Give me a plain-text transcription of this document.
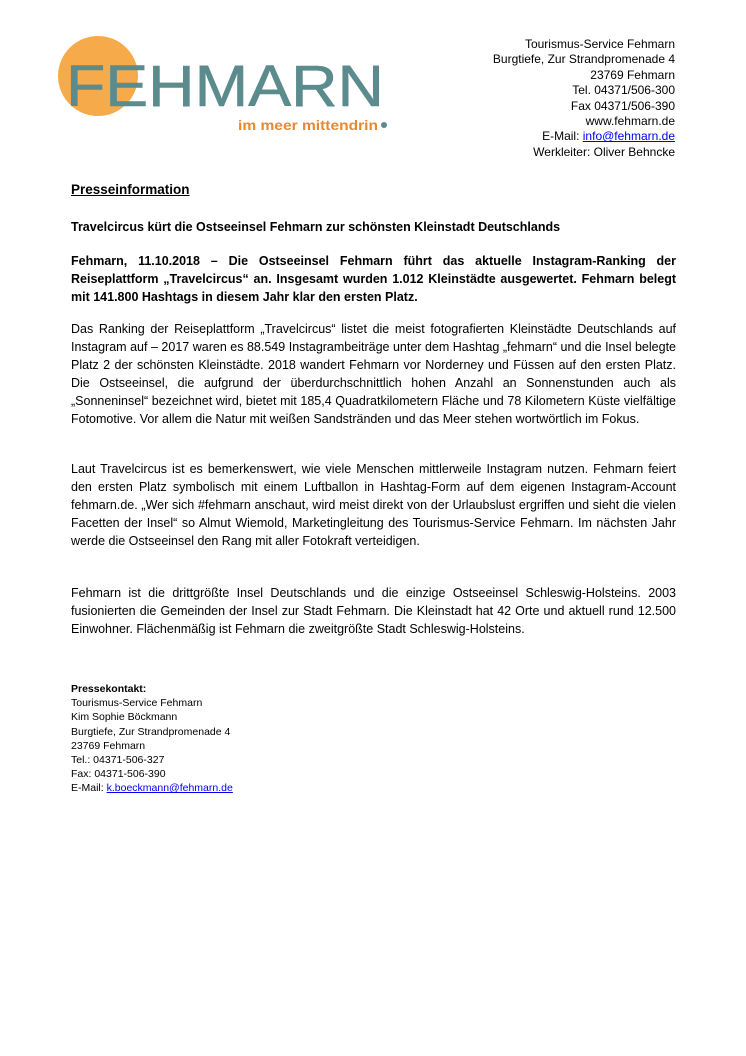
FEHMARN
im meer mittendrin
Tourismus-Service Fehmarn
Burgtiefe, Zur Strandpromenade 4
23769 Fehmarn
Tel. 04371/506-300
Fax 04371/506-390
www.fehmarn.de
E-Mail: info@fehmarn.de
Werkleiter: Oliver Behncke
Presseinformation
Travelcircus kürt die Ostseeinsel Fehmarn zur schönsten Kleinstadt Deutschlands
Fehmarn, 11.10.2018 – Die Ostseeinsel Fehmarn führt das aktuelle Instagram-Ranking der Reiseplattform „Travelcircus“ an. Insgesamt wurden 1.012 Kleinstädte ausgewertet. Fehmarn belegt mit 141.800 Hashtags in diesem Jahr klar den ersten Platz.
Das Ranking der Reiseplattform „Travelcircus“ listet die meist fotografierten Kleinstädte Deutschlands auf Instagram auf – 2017 waren es 88.549 Instagrambeiträge unter dem Hashtag „fehmarn“ und die Insel belegte Platz 2 der schönsten Kleinstädte. 2018 wandert Fehmarn vor Norderney und Füssen auf den ersten Platz. Die Ostseeinsel, die aufgrund der überdurchschnittlich hohen Anzahl an Sonnenstunden auch als „Sonneninsel“ bezeichnet wird, bietet mit 185,4 Quadratkilometern Fläche und 78 Kilometern Küste vielfältige Fotomotive. Vor allem die Natur mit weißen Sandstränden und das Meer stehen wortwörtlich im Fokus.
Laut Travelcircus ist es bemerkenswert, wie viele Menschen mittlerweile Instagram nutzen. Fehmarn feiert den ersten Platz symbolisch mit einem Luftballon in Hashtag-Form auf dem eigenen Instagram-Account fehmarn.de. „Wer sich #fehmarn anschaut, wird meist direkt von der Urlaubslust ergriffen und sieht die vielen Facetten der Insel“ so Almut Wiemold, Marketingleitung des Tourismus-Service Fehmarn. Im nächsten Jahr werde die Ostseeinsel den Rang mit aller Fotokraft verteidigen.
Fehmarn ist die drittgrößte Insel Deutschlands und die einzige Ostseeinsel Schleswig-Holsteins. 2003 fusionierten die Gemeinden der Insel zur Stadt Fehmarn. Die Kleinstadt hat 42 Orte und aktuell rund 12.500 Einwohner. Flächenmäßig ist Fehmarn die zweitgrößte Stadt Schleswig-Holsteins.
Pressekontakt:
Tourismus-Service Fehmarn
Kim Sophie Böckmann
Burgtiefe, Zur Strandpromenade 4
23769 Fehmarn
Tel.: 04371-506-327
Fax: 04371-506-390
E-Mail: k.boeckmann@fehmarn.de
